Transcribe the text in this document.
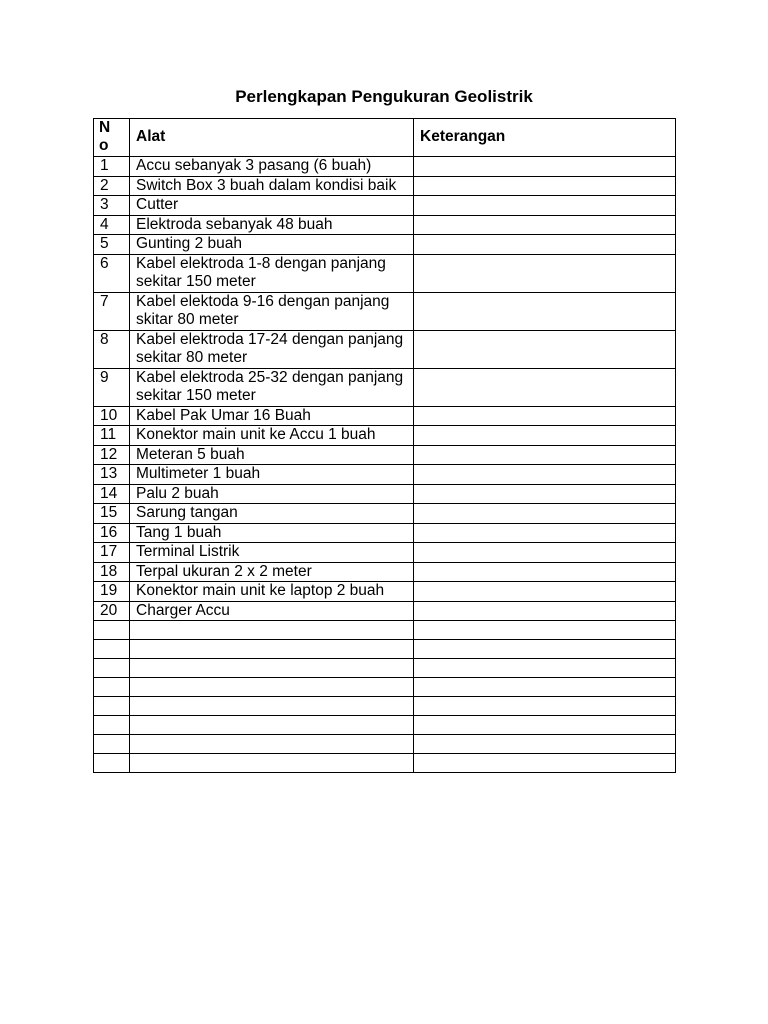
Perlengkapan Pengukuran Geolistrik
No	Alat	Keterangan
1	Accu sebanyak 3 pasang (6 buah)	
2	Switch Box 3 buah dalam kondisi baik	
3	Cutter	
4	Elektroda sebanyak 48 buah	
5	Gunting 2 buah	
6	Kabel elektroda 1-8 dengan panjang sekitar 150 meter	
7	Kabel elektoda 9-16 dengan panjang skitar 80 meter	
8	Kabel elektroda 17-24 dengan panjang sekitar 80 meter	
9	Kabel elektroda 25-32 dengan panjang sekitar 150 meter	
10	Kabel Pak Umar 16 Buah	
11	Konektor main unit ke Accu 1 buah	
12	Meteran 5 buah	
13	Multimeter 1 buah	
14	Palu 2 buah	
15	Sarung tangan	
16	Tang 1 buah	
17	Terminal Listrik	
18	Terpal ukuran 2 x 2 meter	
19	Konektor main unit ke laptop 2 buah	
20	Charger Accu	
